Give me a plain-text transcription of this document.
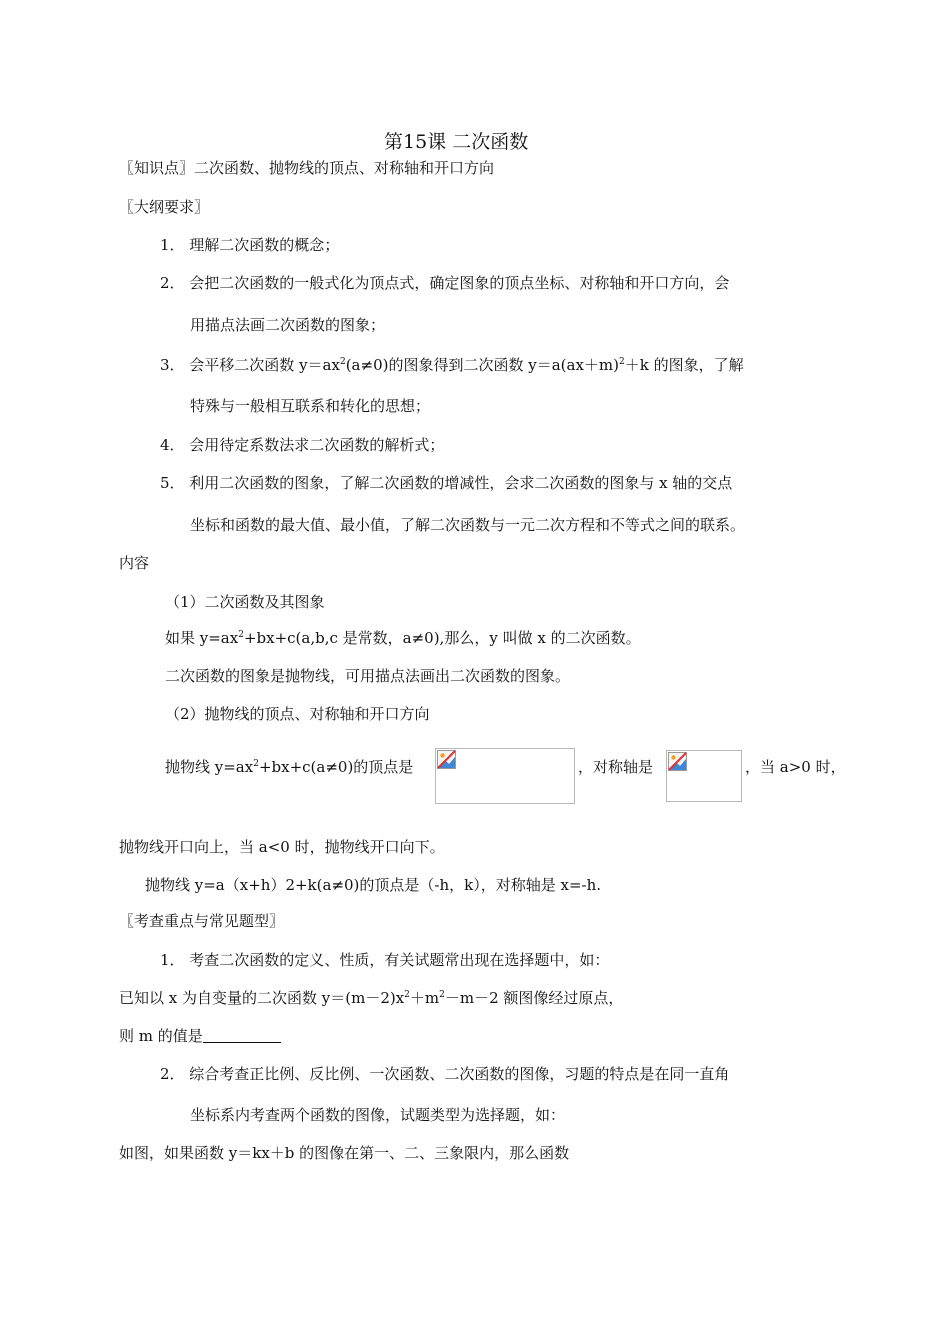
第15课 二次函数
〖知识点〗二次函数、抛物线的顶点、对称轴和开口方向
〖大纲要求〗
1． 理解二次函数的概念；
2． 会把二次函数的一般式化为顶点式，确定图象的顶点坐标、对称轴和开口方向，会
用描点法画二次函数的图象；
3． 会平移二次函数 $y=ax^2(a\ne 0)$的图象得到二次函数 $y=a(ax+m)^2+k$ 的图象，了解
特殊与一般相互联系和转化的思想；
4． 会用待定系数法求二次函数的解析式；
5． 利用二次函数的图象，了解二次函数的增减性，会求二次函数的图象与 x 轴的交点
坐标和函数的最大值、最小值，了解二次函数与一元二次方程和不等式之间的联系。
内容
（1）二次函数及其图象
如果 $y=ax^2+bx+c(a,b,c$ 是常数，a≠0),那么，y 叫做 x 的二次函数。
二次函数的图象是抛物线，可用描点法画出二次函数的图象。
（2）抛物线的顶点、对称轴和开口方向
抛物线 $y=ax^2+bx+c(a\ne 0)$的顶点是	，对称轴是	，当 a>0 时，
抛物线开口向上，当 a<0 时，抛物线开口向下。
抛物线 y=a（x+h）2+k(a≠0)的顶点是（-h，k），对称轴是 x=-h.
〖考查重点与常见题型〗
1． 考查二次函数的定义、性质，有关试题常出现在选择题中，如：
已知以 x 为自变量的二次函数 $y=(m-2)x^2+m^2-m-2$ 额图像经过原点，
则 m 的值是
2． 综合考查正比例、反比例、一次函数、二次函数的图像，习题的特点是在同一直角
坐标系内考查两个函数的图像，试题类型为选择题，如：
如图，如果函数 y＝kx＋b 的图像在第一、二、三象限内，那么函数
